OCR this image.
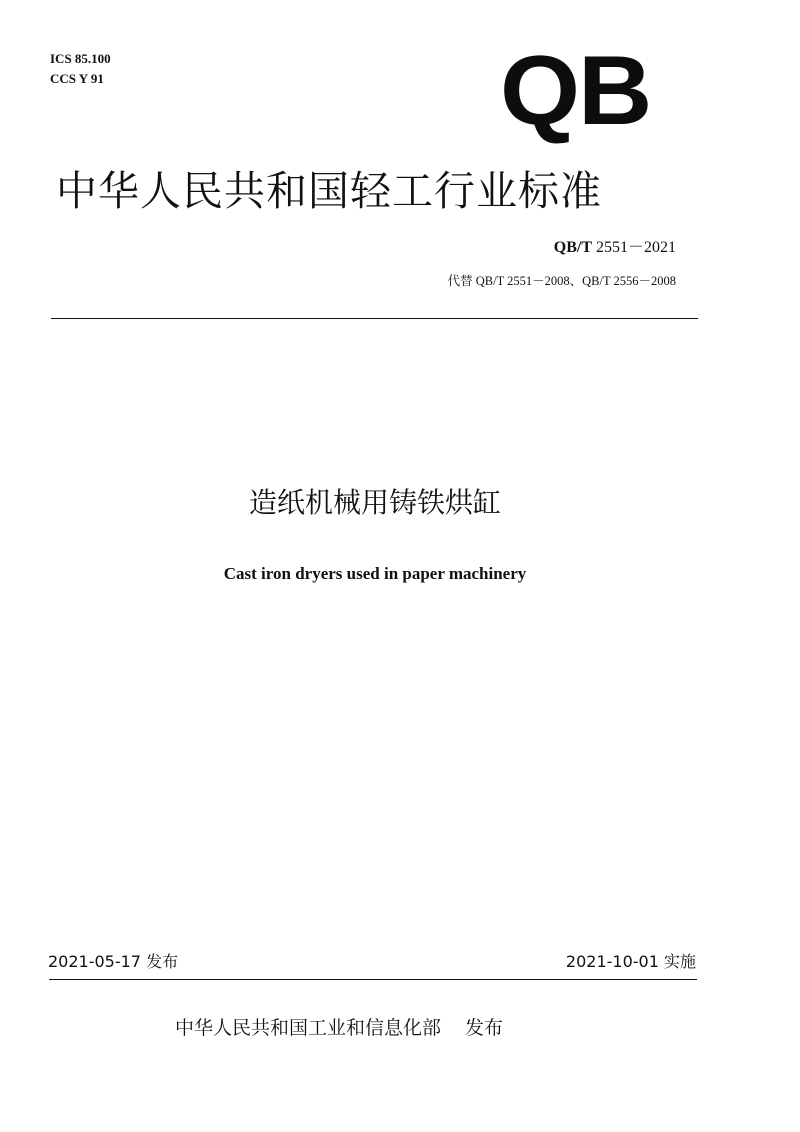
ICS 85.100
CCS Y 91	QB
中华人民共和国轻工行业标准
QB/T 2551－2021
代替 QB/T 2551－2008、QB/T 2556－2008
造纸机械用铸铁烘缸
Cast iron dryers used in paper machinery
2021-05-17 发布	2021-10-01 实施
中华人民共和国工业和信息化部 发布
